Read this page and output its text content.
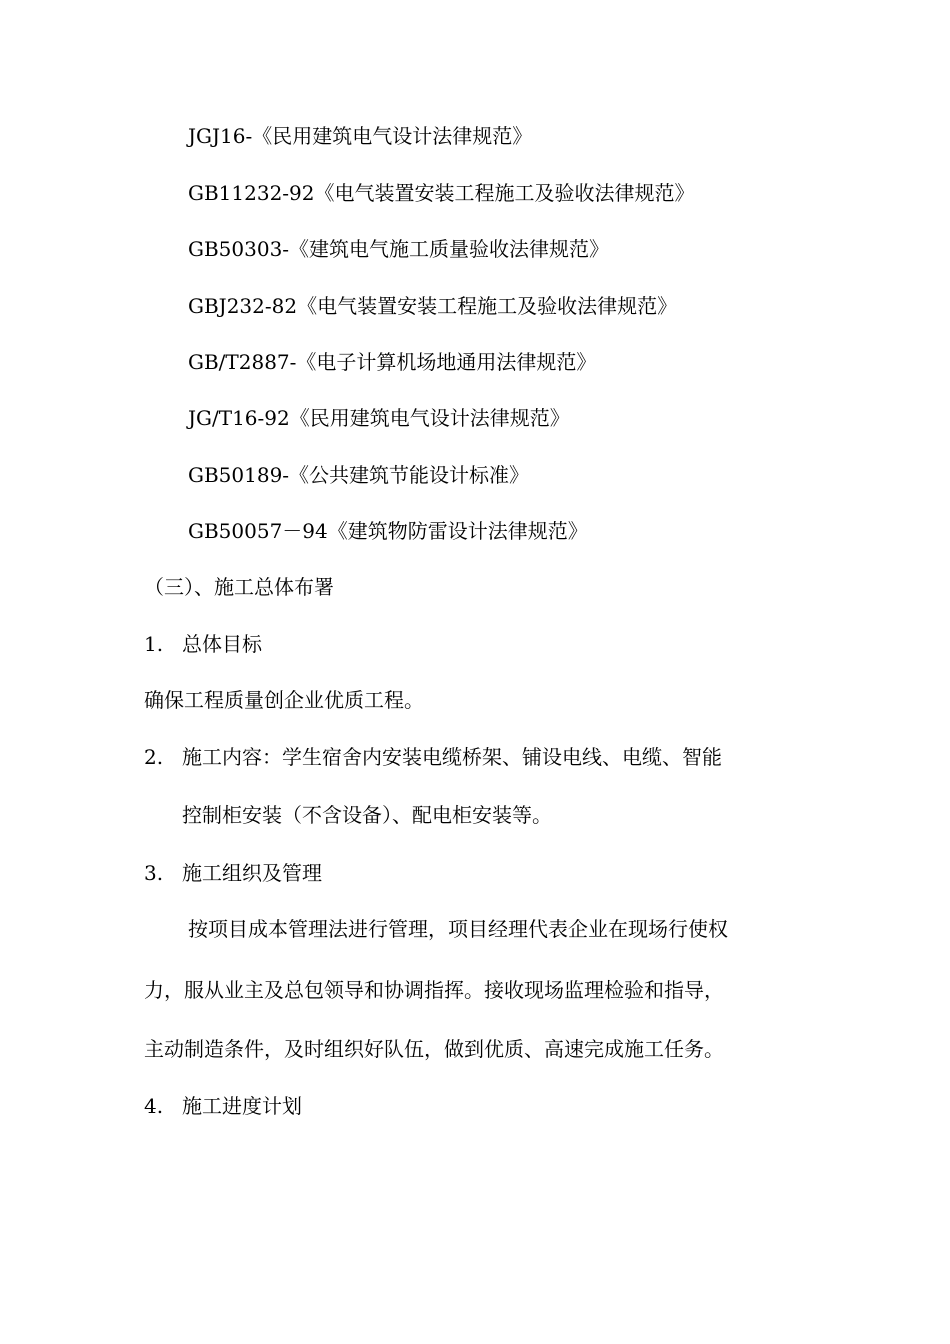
JGJ16-《民用建筑电气设计法律规范》
GB11232-92《电气装置安装工程施工及验收法律规范》
GB50303-《建筑电气施工质量验收法律规范》
GBJ232-82《电气装置安装工程施工及验收法律规范》
GB/T2887-《电子计算机场地通用法律规范》
JG/T16-92《民用建筑电气设计法律规范》
GB50189-《公共建筑节能设计标准》
GB50057－94《建筑物防雷设计法律规范》
（三）、施工总体布署
1. 总体目标
确保工程质量创企业优质工程。
2. 施工内容：学生宿舍内安装电缆桥架、铺设电线、电缆、智能
控制柜安装（不含设备）、配电柜安装等。
3. 施工组织及管理
按项目成本管理法进行管理，项目经理代表企业在现场行使权
力，服从业主及总包领导和协调指挥。接收现场监理检验和指导，
主动制造条件，及时组织好队伍，做到优质、高速完成施工任务。
4. 施工进度计划
